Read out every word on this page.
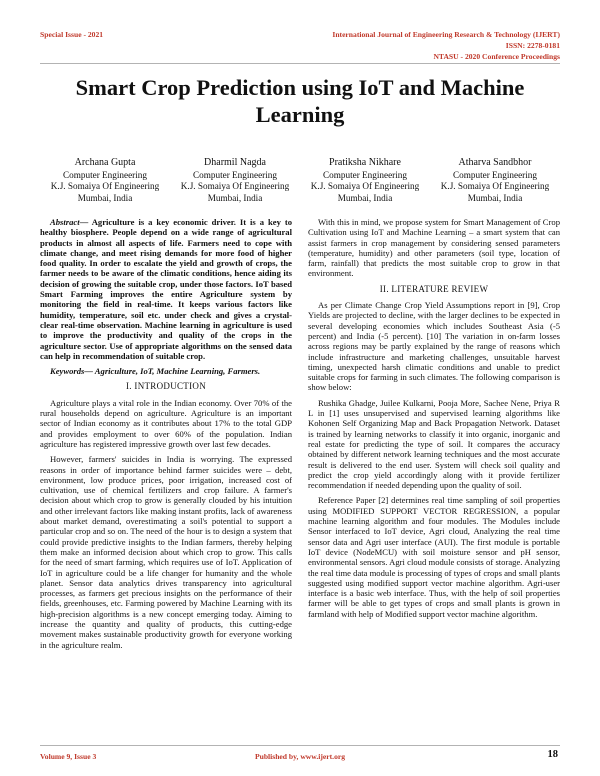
Special Issue - 2021	International Journal of Engineering Research & Technology (IJERT)
ISSN: 2278-0181
NTASU - 2020 Conference Proceedings
Smart Crop Prediction using IoT and Machine Learning
Archana Gupta
Computer Engineering
K.J. Somaiya Of Engineering
Mumbai, India
Dharmil Nagda
Computer Engineering
K.J. Somaiya Of Engineering
Mumbai, India
Pratiksha Nikhare
Computer Engineering
K.J. Somaiya Of Engineering
Mumbai, India
Atharva Sandbhor
Computer Engineering
K.J. Somaiya Of Engineering
Mumbai, India

Abstract— Agriculture is a key economic driver. It is a key to healthy biosphere. People depend on a wide range of agricultural products in almost all aspects of life. Farmers need to cope with climate change, and meet rising demands for more food of higher food quality. In order to escalate the yield and growth of crops, the farmer needs to be aware of the climatic conditions, hence aiding its decision of growing the suitable crop, under those factors. IoT based Smart Farming improves the entire Agriculture system by monitoring the field in real-time. It keeps various factors like humidity, temperature, soil etc. under check and gives a crystal-clear real-time observation. Machine learning in agriculture is used to improve the productivity and quality of the crops in the agriculture sector. Use of appropriate algorithms on the sensed data can help in recommendation of suitable crop.

Keywords— Agriculture, IoT, Machine Learning, Farmers.

I. INTRODUCTION

Agriculture plays a vital role in the Indian economy. Over 70% of the rural households depend on agriculture. Agriculture is an important sector of Indian economy as it contributes about 17% to the total GDP and provides employment to over 60% of the population. Indian agriculture has registered impressive growth over last few decades.

However, farmers' suicides in India is worrying. The expressed reasons in order of importance behind farmer suicides were – debt, environment, low produce prices, poor irrigation, increased cost of cultivation, use of chemical fertilizers and crop failure. A farmer's decision about which crop to grow is generally clouded by his intuition and other irrelevant factors like making instant profits, lack of awareness about market demand, overestimating a soil's potential to support a particular crop and so on. The need of the hour is to design a system that could provide predictive insights to the Indian farmers, thereby helping them make an informed decision about which crop to grow. This calls for the need of smart farming, which requires use of IoT. Application of IoT in agriculture could be a life changer for humanity and the whole planet. Sensor data analytics drives transparency into agricultural processes, as farmers get precious insights on the performance of their fields, greenhouses, etc. Farming powered by Machine Learning with its high-precision algorithms is a new concept emerging today. Aiming to increase the quantity and quality of products, this cutting-edge movement makes sustainable productivity growth for everyone working in the agriculture realm.

With this in mind, we propose system for Smart Management of Crop Cultivation using IoT and Machine Learning – a smart system that can assist farmers in crop management by considering sensed parameters (temperature, humidity) and other parameters (soil type, location of farm, rainfall) that predicts the most suitable crop to grow in that environment.

II. LITERATURE REVIEW

As per Climate Change Crop Yield Assumptions report in [9], Crop Yields are projected to decline, with the larger declines to be expected in several developing economies which includes Southeast Asia (-5 percent) and India (-5 percent). [10] The variation in on-farm losses across regions may be partly explained by the range of reasons which include infrastructure and marketing challenges, unsuitable harvest timing, unexpected harsh climatic conditions and unable to predict suitable crops for farming in such climates. The following comparison is show below:

Rushika Ghadge, Juilee Kulkarni, Pooja More, Sachee Nene, Priya R L in [1] uses unsupervised and supervised learning algorithms like Kohonen Self Organizing Map and Back Propagation Network. Dataset is trained by learning networks to classify it into organic, inorganic and real estate for predicting the type of soil. It compares the accuracy obtained by different network learning techniques and the most accurate result is delivered to the end user. System will check soil quality and predict the crop yield accordingly along with it provide fertilizer recommendation if needed depending upon the quality of soil.

Reference Paper [2] determines real time sampling of soil properties using MODIFIED SUPPORT VECTOR REGRESSION, a popular machine learning algorithm and four modules. The Modules include Sensor interfaced to IoT device, Agri cloud, Analyzing the real time sensor data and Agri user interface (AUI). The first module is portable IoT device (NodeMCU) with soil moisture sensor and pH sensor, environmental sensors. Agri cloud module consists of storage. Analyzing the real time data module is processing of types of crops and small plants suggested using modified support vector machine algorithm. Agri-user interface is a basic web interface. Thus, with the help of soil properties farmer will be able to get types of crops and small plants is grown in farmland with help of Modified support vector machine algorithm.

Volume 9, Issue 3	Published by, www.ijert.org	18
